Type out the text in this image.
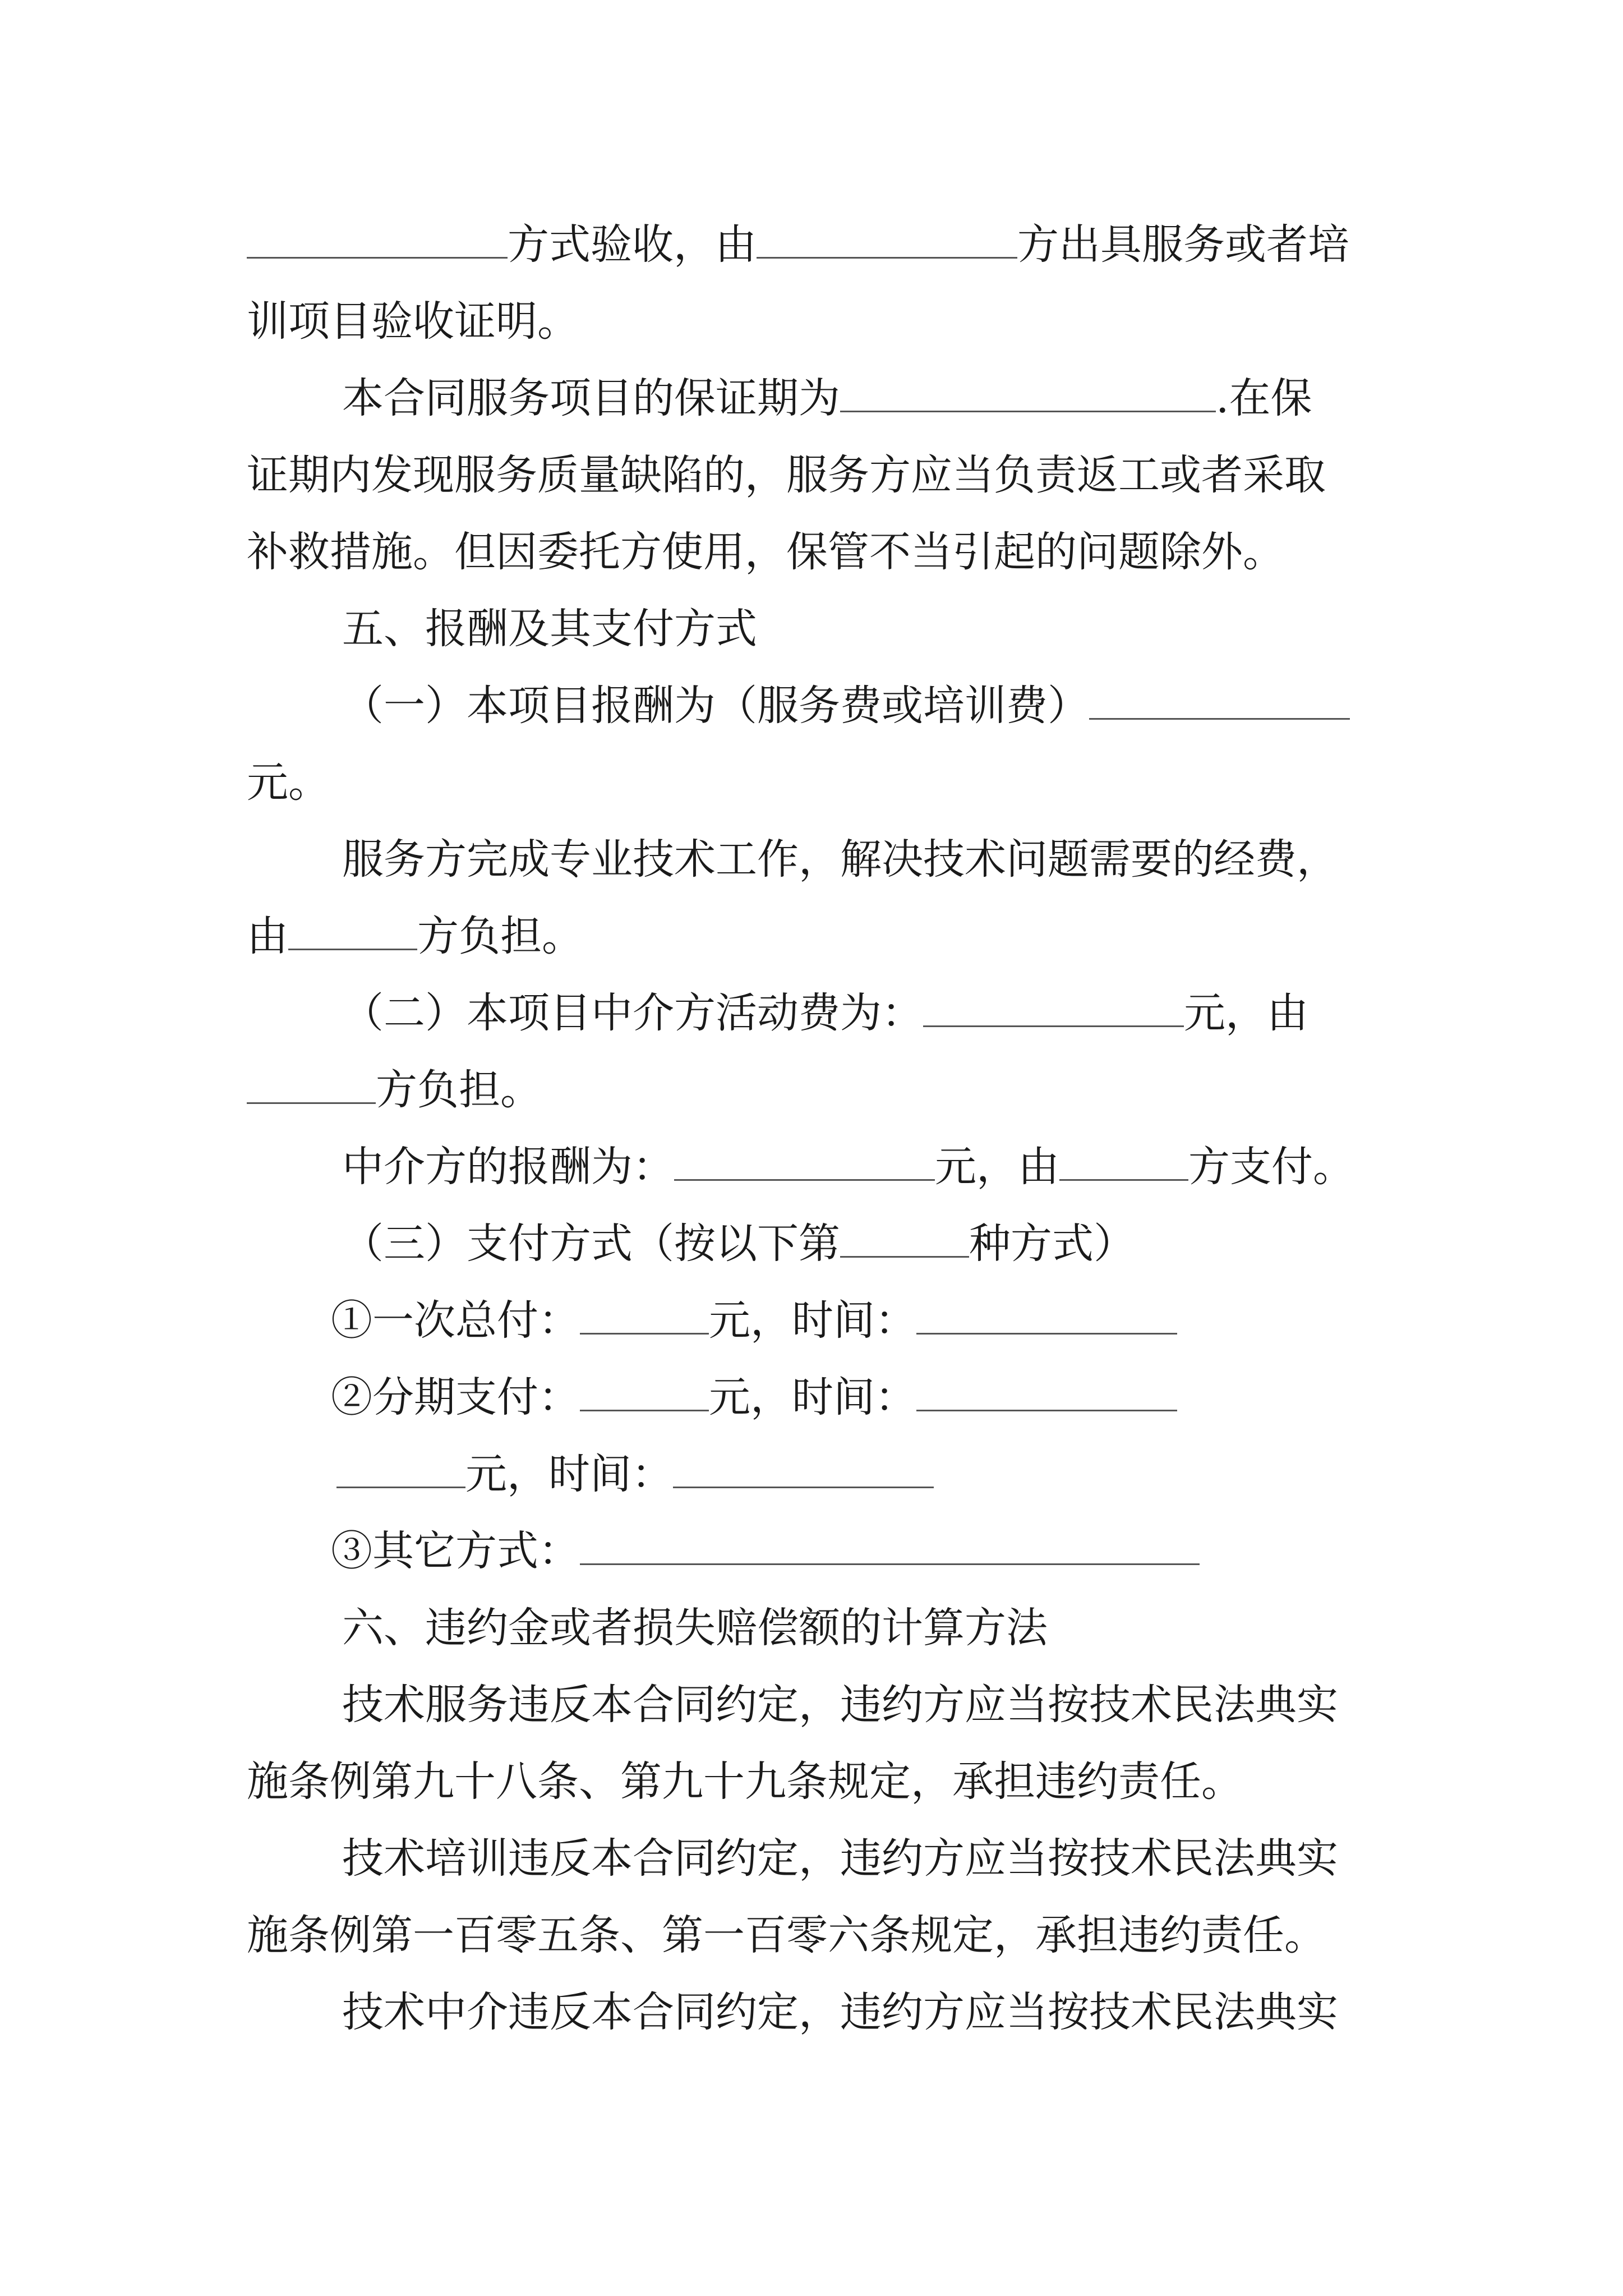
方式验收，由	方出具服务或者培
训项目验收证明。
本合同服务项目的保证期为	.在保
证期内发现服务质量缺陷的，服务方应当负责返工或者采取
补救措施。但因委托方使用，保管不当引起的问题除外。
五、报酬及其支付方式
（一）本项目报酬为（服务费或培训费）
元。
服务方完成专业技术工作，解决技术问题需要的经费，
由	方负担。
（二）本项目中介方活动费为：	元，由
方负担。
中介方的报酬为：	元，由	方支付。
（三）支付方式（按以下第	种方式）
①一次总付：	元，时间：
②分期支付：	元，时间：
元，时间：
③其它方式：
六、违约金或者损失赔偿额的计算方法
技术服务违反本合同约定，违约方应当按技术民法典实
施条例第九十八条、第九十九条规定，承担违约责任。
技术培训违反本合同约定，违约方应当按技术民法典实
施条例第一百零五条、第一百零六条规定，承担违约责任。
技术中介违反本合同约定，违约方应当按技术民法典实
